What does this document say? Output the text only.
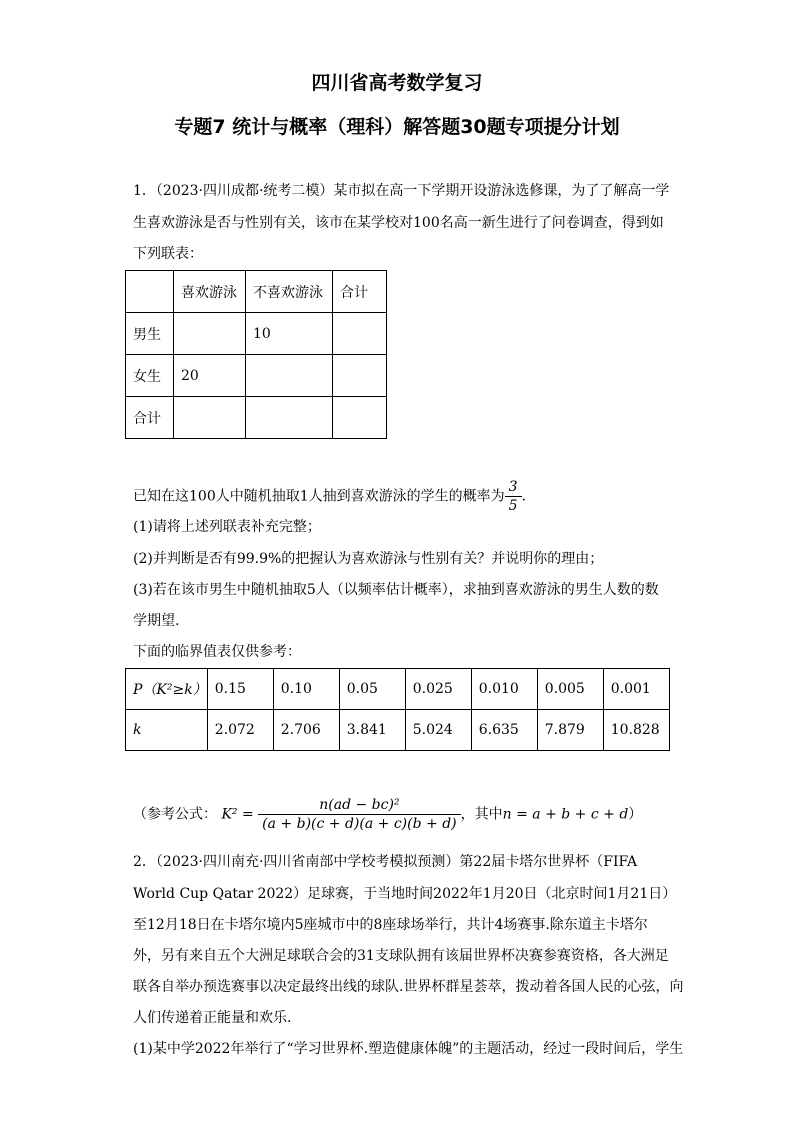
四川省高考数学复习
专题7 统计与概率（理科）解答题30题专项提分计划
1．（2023·四川成都·统考二模）某市拟在高一下学期开设游泳选修课，为了了解高一学
生喜欢游泳是否与性别有关，该市在某学校对100名高一新生进行了问卷调查，得到如
下列联表：
	喜欢游泳	不喜欢游泳	合计
男生		10	
女生	20		
合计			
已知在这100人中随机抽取1人抽到喜欢游泳的学生的概率为 $\frac{3}{5}$ .
(1)请将上述列联表补充完整；
(2)并判断是否有99.9%的把握认为喜欢游泳与性别有关？并说明你的理由；
(3)若在该市男生中随机抽取5人（以频率估计概率），求抽到喜欢游泳的男生人数的数
学期望.
下面的临界值表仅供参考：
P（K²≥k）	0.15	0.10	0.05	0.025	0.010	0.005	0.001
k	2.072	2.706	3.841	5.024	6.635	7.879	10.828
（参考公式： $K^2 = \frac{\text{n(ad − bc)²}}{(a + b)(c + d)(a + c)(b + d)}$ ，其中n = a + b + c + d）
2．（2023·四川南充·四川省南部中学校考模拟预测）第22届卡塔尔世界杯（FIFA
World Cup Qatar 2022）足球赛，于当地时间2022年1月20日（北京时间1月21日）
至12月18日在卡塔尔境内5座城市中的8座球场举行，共计4场赛事.除东道主卡塔尔
外，另有来自五个大洲足球联合会的31支球队拥有该届世界杯决赛参赛资格，各大洲足
联各自举办预选赛事以决定最终出线的球队.世界杯群星荟萃，拨动着各国人民的心弦，向
人们传递着正能量和欢乐.
(1)某中学2022年举行了“学习世界杯.塑造健康体魄”的主题活动，经过一段时间后，学生
